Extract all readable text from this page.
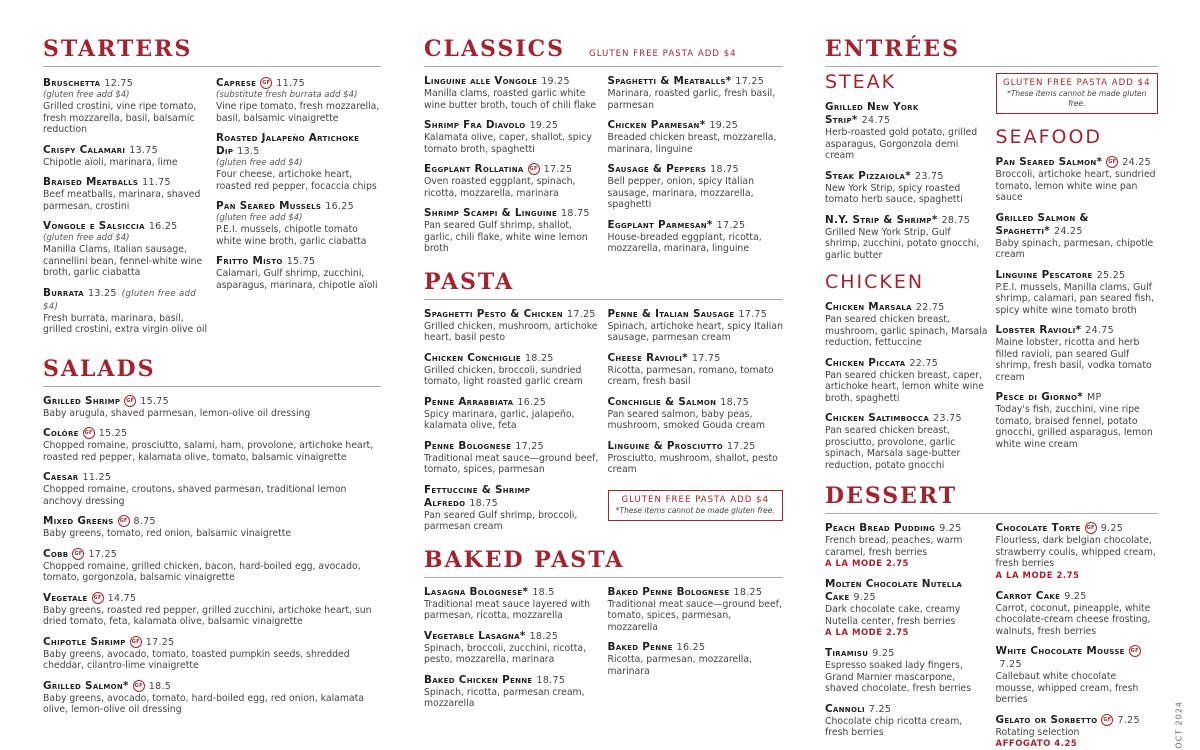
STARTERS
Bruschetta 12.75
(gluten free add $4)
Grilled crostini, vine ripe tomato, fresh mozzarella, basil, balsamic reduction
Crispy Calamari 13.75
Chipotle aïoli, marinara, lime
Braised Meatballs 11.75
Beef meatballs, marinara, shaved parmesan, crostini
Vongole e Salsiccia 16.25
(gluten free add $4)
Manilla Clams, Italian sausage, cannellini bean, fennel-white wine broth, garlic ciabatta
Burrata 13.25 (gluten free add $4)
Fresh burrata, marinara, basil, grilled crostini, extra virgin olive oil
Caprese GF 11.75
(substitute fresh burrata add $4)
Vine ripe tomato, fresh mozzarella, basil, balsamic vinaigrette
Roasted Jalapeño Artichoke Dip 13.5
(gluten free add $4)
Four cheese, artichoke heart, roasted red pepper, focaccia chips
Pan Seared Mussels 16.25
(gluten free add $4)
P.E.I. mussels, chipotle tomato white wine broth, garlic ciabatta
Fritto Misto 15.75
Calamari, Gulf shrimp, zucchini, asparagus, marinara, chipotle aïoli
SALADS
Grilled Shrimp GF 15.75
Baby arugula, shaved parmesan, lemon-olive oil dressing
Colóre GF 15.25
Chopped romaine, prosciutto, salami, ham, provolone, artichoke heart, roasted red pepper, kalamata olive, tomato, balsamic vinaigrette
Caesar 11.25
Chopped romaine, croutons, shaved parmesan, traditional lemon anchovy dressing
Mixed Greens GF 8.75
Baby greens, tomato, red onion, balsamic vinaigrette
Cobb GF 17.25
Chopped romaine, grilled chicken, bacon, hard-boiled egg, avocado, tomato, gorgonzola, balsamic vinaigrette
Vegetale GF 14.75
Baby greens, roasted red pepper, grilled zucchini, artichoke heart, sun dried tomato, feta, kalamata olive, balsamic vinaigrette
Chipotle Shrimp GF 17.25
Baby greens, avocado, tomato, toasted pumpkin seeds, shredded cheddar, cilantro-lime vinaigrette
Grilled Salmon* GF 18.5
Baby greens, avocado, tomato, hard-boiled egg, red onion, kalamata olive, lemon-olive oil dressing
CLASSICS	GLUTEN FREE PASTA ADD $4
Linguine alle Vongole 19.25
Manilla clams, roasted garlic white wine butter broth, touch of chili flake
Shrimp Fra Diavolo 19.25
Kalamata olive, caper, shallot, spicy tomato broth, spaghetti
Eggplant Rollatina GF 17.25
Oven roasted eggplant, spinach, ricotta, mozzarella, marinara
Shrimp Scampi & Linguine 18.75
Pan seared Gulf shrimp, shallot, garlic, chili flake, white wine lemon broth
Spaghetti & Meatballs* 17.25
Marinara, roasted garlic, fresh basil, parmesan
Chicken Parmesan* 19.25
Breaded chicken breast, mozzarella, marinara, linguine
Sausage & Peppers 18.75
Bell pepper, onion, spicy Italian sausage, marinara, mozzarella, spaghetti
Eggplant Parmesan* 17.25
House-breaded eggplant, ricotta, mozzarella, marinara, linguine
PASTA
Spaghetti Pesto & Chicken 17.25
Grilled chicken, mushroom, artichoke heart, basil pesto
Chicken Conchiglie 18.25
Grilled chicken, broccoli, sundried tomato, light roasted garlic cream
Penne Arrabbiata 16.25
Spicy marinara, garlic, jalapeño, kalamata olive, feta
Penne Bolognese 17.25
Traditional meat sauce—ground beef, tomato, spices, parmesan
Fettuccine & Shrimp Alfredo 18.75
Pan seared Gulf shrimp, broccoli, parmesan cream
Penne & Italian Sausage 17.75
Spinach, artichoke heart, spicy Italian sausage, parmesan cream
Cheese Ravioli* 17.75
Ricotta, parmesan, romano, tomato cream, fresh basil
Conchiglie & Salmon 18.75
Pan seared salmon, baby peas, mushroom, smoked Gouda cream
Linguine & Prosciutto 17.25
Prosciutto, mushroom, shallot, pesto cream
GLUTEN FREE PASTA ADD $4
*These items cannot be made gluten free.
BAKED PASTA
Lasagna Bolognese* 18.5
Traditional meat sauce layered with parmesan, ricotta, mozzarella
Vegetable Lasagna* 18.25
Spinach, broccoli, zucchini, ricotta, pesto, mozzarella, marinara
Baked Chicken Penne 18.75
Spinach, ricotta, parmesan cream, mozzarella
Baked Penne Bolognese 18.25
Traditional meat sauce—ground beef, tomato, spices, parmesan, mozzarella
Baked Penne 16.25
Ricotta, parmesan, mozzarella, marinara
ENTRÉES
STEAK
Grilled New York Strip* 24.75
Herb-roasted gold potato, grilled asparagus, Gorgonzola demi cream
Steak Pizzaiola* 23.75
New York Strip, spicy roasted tomato herb sauce, spaghetti
N.Y. Strip & Shrimp* 28.75
Grilled New York Strip, Gulf shrimp, zucchini, potato gnocchi, garlic butter
CHICKEN
Chicken Marsala 22.75
Pan seared chicken breast, mushroom, garlic spinach, Marsala reduction, fettuccine
Chicken Piccata 22.75
Pan seared chicken breast, caper, artichoke heart, lemon white wine broth, spaghetti
Chicken Saltimbocca 23.75
Pan seared chicken breast, prosciutto, provolone, garlic spinach, Marsala sage-butter reduction, potato gnocchi
GLUTEN FREE PASTA ADD $4
*These items cannot be made gluten free.
SEAFOOD
Pan Seared Salmon* GF 24.25
Broccoli, artichoke heart, sundried tomato, lemon white wine pan sauce
Grilled Salmon & Spaghetti* 24.25
Baby spinach, parmesan, chipotle cream
Linguine Pescatore 25.25
P.E.I. mussels, Manilla clams, Gulf shrimp, calamari, pan seared fish, spicy white wine tomato broth
Lobster Ravioli* 24.75
Maine lobster, ricotta and herb filled ravioli, pan seared Gulf shrimp, fresh basil, vodka tomato cream
Pesce di Giorno* MP
Today's fish, zucchini, vine ripe tomato, braised fennel, potato gnocchi, grilled asparagus, lemon white wine cream
DESSERT
Peach Bread Pudding 9.25
French bread, peaches, warm caramel, fresh berries
A LA MODE 2.75
Molten Chocolate Nutella Cake 9.25
Dark chocolate cake, creamy Nutella center, fresh berries
A LA MODE 2.75
Tiramisu 9.25
Espresso soaked lady fingers, Grand Marnier mascarpone, shaved chocolate, fresh berries
Cannoli 7.25
Chocolate chip ricotta cream, fresh berries
Chocolate Torte GF 9.25
Flourless, dark belgian chocolate, strawberry coulis, whipped cream, fresh berries
A LA MODE 2.75
Carrot Cake 9.25
Carrot, coconut, pineapple, white chocolate-cream cheese frosting, walnuts, fresh berries
White Chocolate Mousse GF7.25
Callebaut white chocolate mousse, whipped cream, fresh berries
Gelato or Sorbetto GF 7.25
Rotating selection
AFFOGATO 4.25	OCT 2024
